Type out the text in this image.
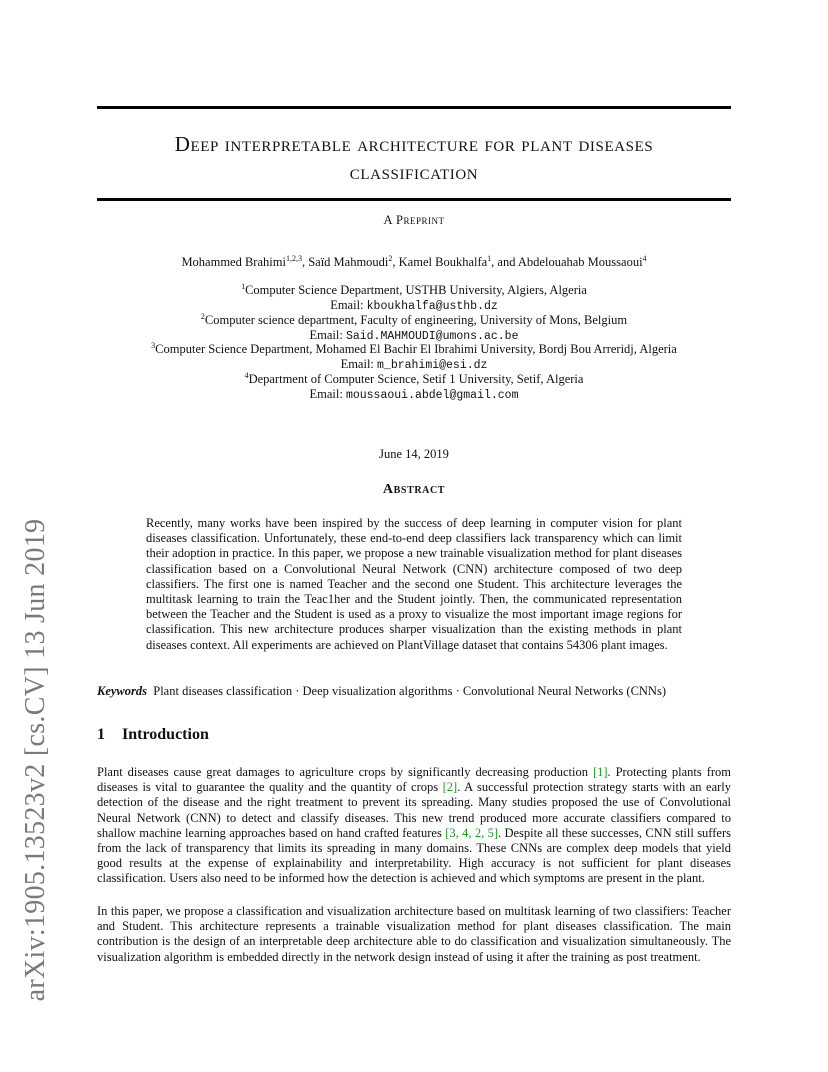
arXiv:1905.13523v2 [cs.CV] 13 Jun 2019
Deep interpretable architecture for plant diseases
classification
A Preprint
Mohammed Brahimi$^{1,2,3}$, Saïd Mahmoudi$^2$, Kamel Boukhalfa$^1$, and Abdelouahab Moussaoui$^4$
$^1$Computer Science Department, USTHB University, Algiers, Algeria
Email: kboukhalfa@usthb.dz
$^2$Computer science department, Faculty of engineering, University of Mons, Belgium
Email: Said.MAHMOUDI@umons.ac.be
$^3$Computer Science Department, Mohamed El Bachir El Ibrahimi University, Bordj Bou Arreridj, Algeria
Email: m_brahimi@esi.dz
$^4$Department of Computer Science, Setif 1 University, Setif, Algeria
Email: moussaoui.abdel@gmail.com
June 14, 2019
Abstract
Recently, many works have been inspired by the success of deep learning in computer vision for plant diseases classification. Unfortunately, these end-to-end deep classifiers lack transparency which can limit their adoption in practice. In this paper, we propose a new trainable visualization method for plant diseases classification based on a Convolutional Neural Network (CNN) architecture composed of two deep classifiers. The first one is named Teacher and the second one Student. This architecture leverages the multitask learning to train the Teac1her and the Student jointly. Then, the communicated representation between the Teacher and the Student is used as a proxy to visualize the most important image regions for classification. This new architecture produces sharper visualization than the existing methods in plant diseases context. All experiments are achieved on PlantVillage dataset that contains 54306 plant images.
Keywords Plant diseases classification · Deep visualization algorithms · Convolutional Neural Networks (CNNs)
1 Introduction
Plant diseases cause great damages to agriculture crops by significantly decreasing production [1]. Protecting plants from diseases is vital to guarantee the quality and the quantity of crops [2]. A successful protection strategy starts with an early detection of the disease and the right treatment to prevent its spreading. Many studies proposed the use of Convolutional Neural Network (CNN) to detect and classify diseases. This new trend produced more accurate classifiers compared to shallow machine learning approaches based on hand crafted features [3, 4, 2, 5]. Despite all these successes, CNN still suffers from the lack of transparency that limits its spreading in many domains. These CNNs are complex deep models that yield good results at the expense of explainability and interpretability. High accuracy is not sufficient for plant diseases classification. Users also need to be informed how the detection is achieved and which symptoms are present in the plant.
In this paper, we propose a classification and visualization architecture based on multitask learning of two classifiers: Teacher and Student. This architecture represents a trainable visualization method for plant diseases classification. The main contribution is the design of an interpretable deep architecture able to do classification and visualization simultaneously. The visualization algorithm is embedded directly in the network design instead of using it after the training as post treatment.
